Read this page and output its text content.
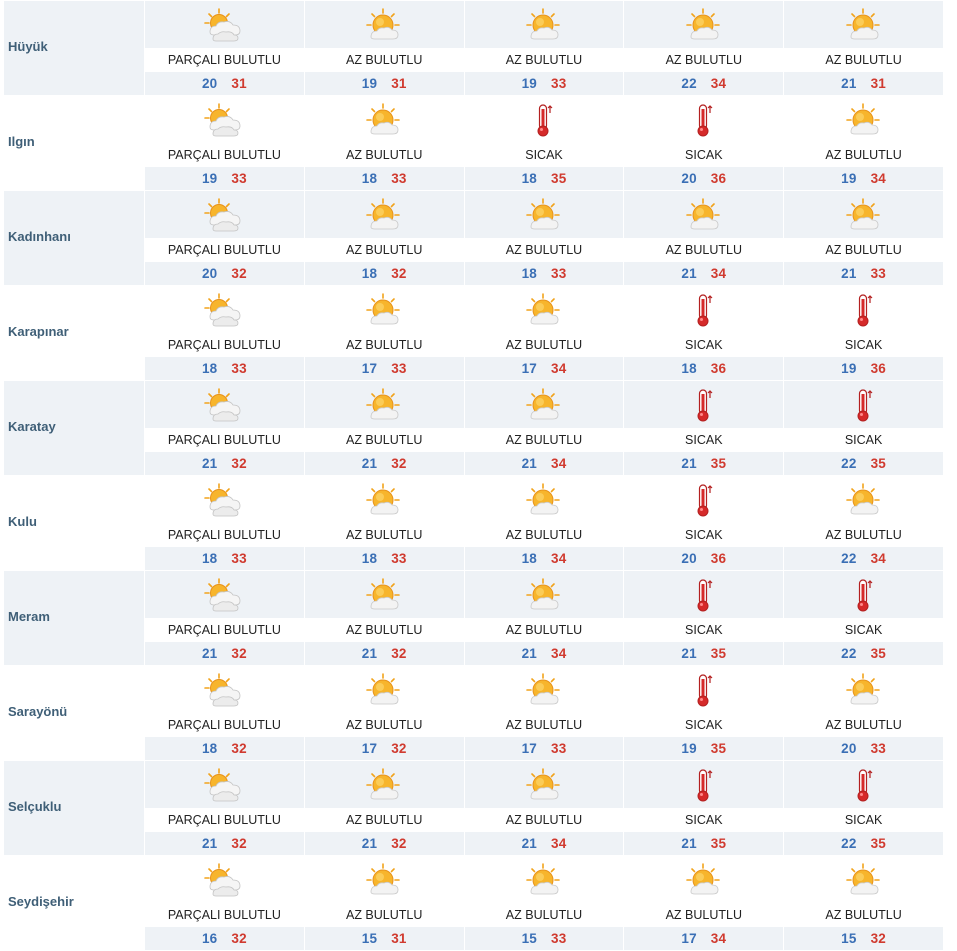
Hüyük
PARÇALI BULUTLU
20 31
AZ BULUTLU
19 31
AZ BULUTLU
19 33
AZ BULUTLU
22 34
AZ BULUTLU
21 31
Ilgın
PARÇALI BULUTLU
19 33
AZ BULUTLU
18 33
SICAK
18 35
SICAK
20 36
AZ BULUTLU
19 34
Kadınhanı
PARÇALI BULUTLU
20 32
AZ BULUTLU
18 32
AZ BULUTLU
18 33
AZ BULUTLU
21 34
AZ BULUTLU
21 33
Karapınar
PARÇALI BULUTLU
18 33
AZ BULUTLU
17 33
AZ BULUTLU
17 34
SICAK
18 36
SICAK
19 36
Karatay
PARÇALI BULUTLU
21 32
AZ BULUTLU
21 32
AZ BULUTLU
21 34
SICAK
21 35
SICAK
22 35
Kulu
PARÇALI BULUTLU
18 33
AZ BULUTLU
18 33
AZ BULUTLU
18 34
SICAK
20 36
AZ BULUTLU
22 34
Meram
PARÇALI BULUTLU
21 32
AZ BULUTLU
21 32
AZ BULUTLU
21 34
SICAK
21 35
SICAK
22 35
Sarayönü
PARÇALI BULUTLU
18 32
AZ BULUTLU
17 32
AZ BULUTLU
17 33
SICAK
19 35
AZ BULUTLU
20 33
Selçuklu
PARÇALI BULUTLU
21 32
AZ BULUTLU
21 32
AZ BULUTLU
21 34
SICAK
21 35
SICAK
22 35
Seydişehir
PARÇALI BULUTLU
16 32
AZ BULUTLU
15 31
AZ BULUTLU
15 33
AZ BULUTLU
17 34
AZ BULUTLU
15 32
